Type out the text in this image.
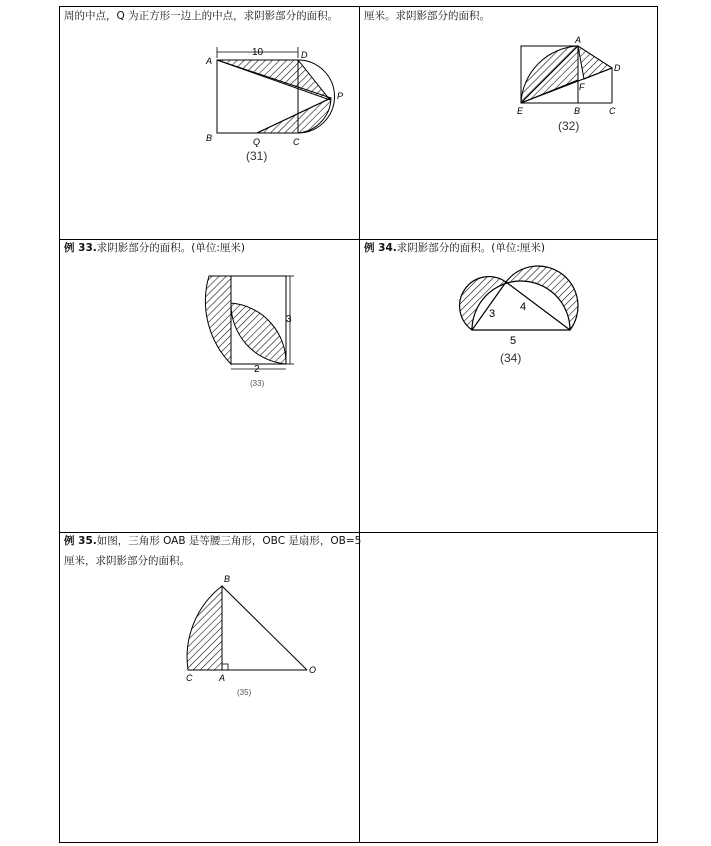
周的中点，Q 为正方形一边上的中点，求阴影部分的面积。 厘米。求阴影部分的面积。
例 33.求阴影部分的面积。(单位:厘米)	例 34.求阴影部分的面积。(单位:厘米)
例 35.如图，三角形 OAB 是等腰三角形，OBC 是扇形，OB=5
厘米，求阴影部分的面积。
10
A
D
P
B	Q	C
(31)
A
D
F
E	B	C
(32)
3
2
(33)
3
4
5
(34)
B
C	A
O
(35)
